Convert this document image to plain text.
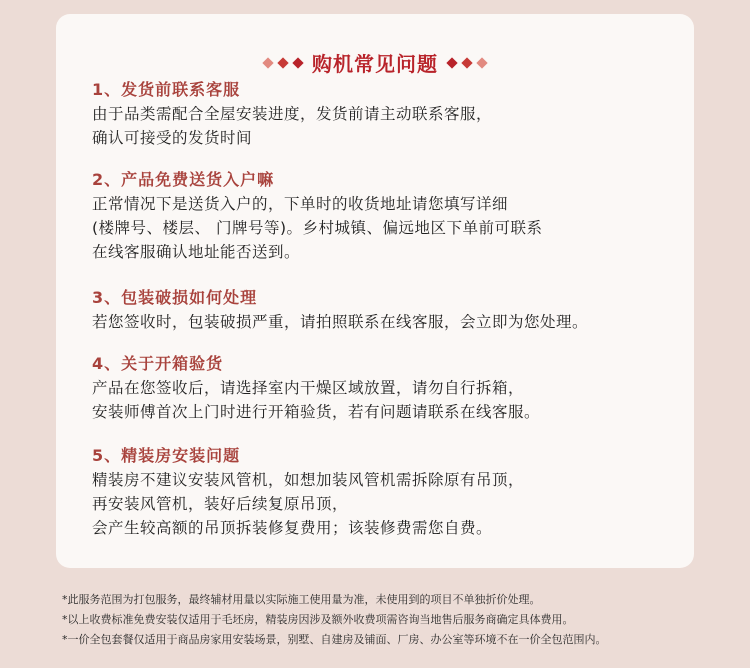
购机常见问题
1、发货前联系客服
由于品类需配合全屋安装进度，发货前请主动联系客服，
确认可接受的发货时间
2、产品免费送货入户嘛
正常情况下是送货入户的，下单时的收货地址请您填写详细
(楼牌号、楼层、 门牌号等)。乡村城镇、偏远地区下单前可联系
在线客服确认地址能否送到。
3、包装破损如何处理
若您签收时，包装破损严重，请拍照联系在线客服，会立即为您处理。
4、关于开箱验货
产品在您签收后，请选择室内干燥区域放置，请勿自行拆箱，
安装师傅首次上门时进行开箱验货，若有问题请联系在线客服。
5、精装房安装问题
精装房不建议安装风管机，如想加装风管机需拆除原有吊顶，
再安装风管机，装好后续复原吊顶，
会产生较高额的吊顶拆装修复费用；该装修费需您自费。
*此服务范围为打包服务，最终辅材用量以实际施工使用量为准，未使用到的项目不单独折价处理。
*以上收费标准免费安装仅适用于毛坯房，精装房因涉及额外收费项需咨询当地售后服务商确定具体费用。
*一价全包套餐仅适用于商品房家用安装场景，别墅、自建房及铺面、厂房、办公室等环境不在一价全包范围内。
